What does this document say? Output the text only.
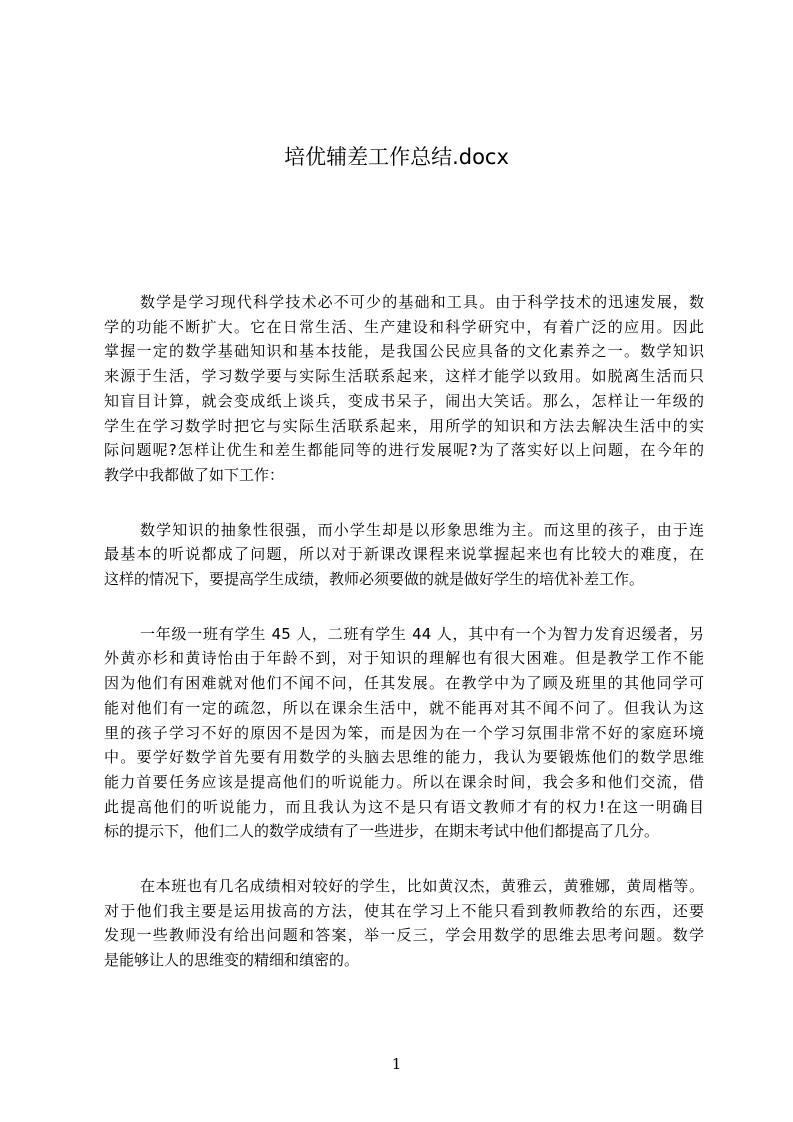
培优辅差工作总结.docx
数学是学习现代科学技术必不可少的基础和工具。由于科学技术的迅速发展，数
学的功能不断扩大。它在日常生活、生产建设和科学研究中，有着广泛的应用。因此
掌握一定的数学基础知识和基本技能，是我国公民应具备的文化素养之一。数学知识
来源于生活，学习数学要与实际生活联系起来，这样才能学以致用。如脱离生活而只
知盲目计算，就会变成纸上谈兵，变成书呆子，闹出大笑话。那么，怎样让一年级的
学生在学习数学时把它与实际生活联系起来，用所学的知识和方法去解决生活中的实
际问题呢?怎样让优生和差生都能同等的进行发展呢?为了落实好以上问题，在今年的
教学中我都做了如下工作：
数学知识的抽象性很强，而小学生却是以形象思维为主。而这里的孩子，由于连
最基本的听说都成了问题，所以对于新课改课程来说掌握起来也有比较大的难度，在
这样的情况下，要提高学生成绩，教师必须要做的就是做好学生的培优补差工作。
一年级一班有学生 45 人，二班有学生 44 人，其中有一个为智力发育迟缓者，另
外黄亦杉和黄诗怡由于年龄不到，对于知识的理解也有很大困难。但是教学工作不能
因为他们有困难就对他们不闻不问，任其发展。在教学中为了顾及班里的其他同学可
能对他们有一定的疏忽，所以在课余生活中，就不能再对其不闻不问了。但我认为这
里的孩子学习不好的原因不是因为笨，而是因为在一个学习氛围非常不好的家庭环境
中。要学好数学首先要有用数学的头脑去思维的能力，我认为要锻炼他们的数学思维
能力首要任务应该是提高他们的听说能力。所以在课余时间，我会多和他们交流，借
此提高他们的听说能力，而且我认为这不是只有语文教师才有的权力!在这一明确目
标的提示下，他们二人的数学成绩有了一些进步，在期末考试中他们都提高了几分。
在本班也有几名成绩相对较好的学生，比如黄汉杰，黄雅云，黄雅娜，黄周楷等。
对于他们我主要是运用拔高的方法，使其在学习上不能只看到教师教给的东西，还要
发现一些教师没有给出问题和答案，举一反三，学会用数学的思维去思考问题。数学
是能够让人的思维变的精细和缜密的。
1
